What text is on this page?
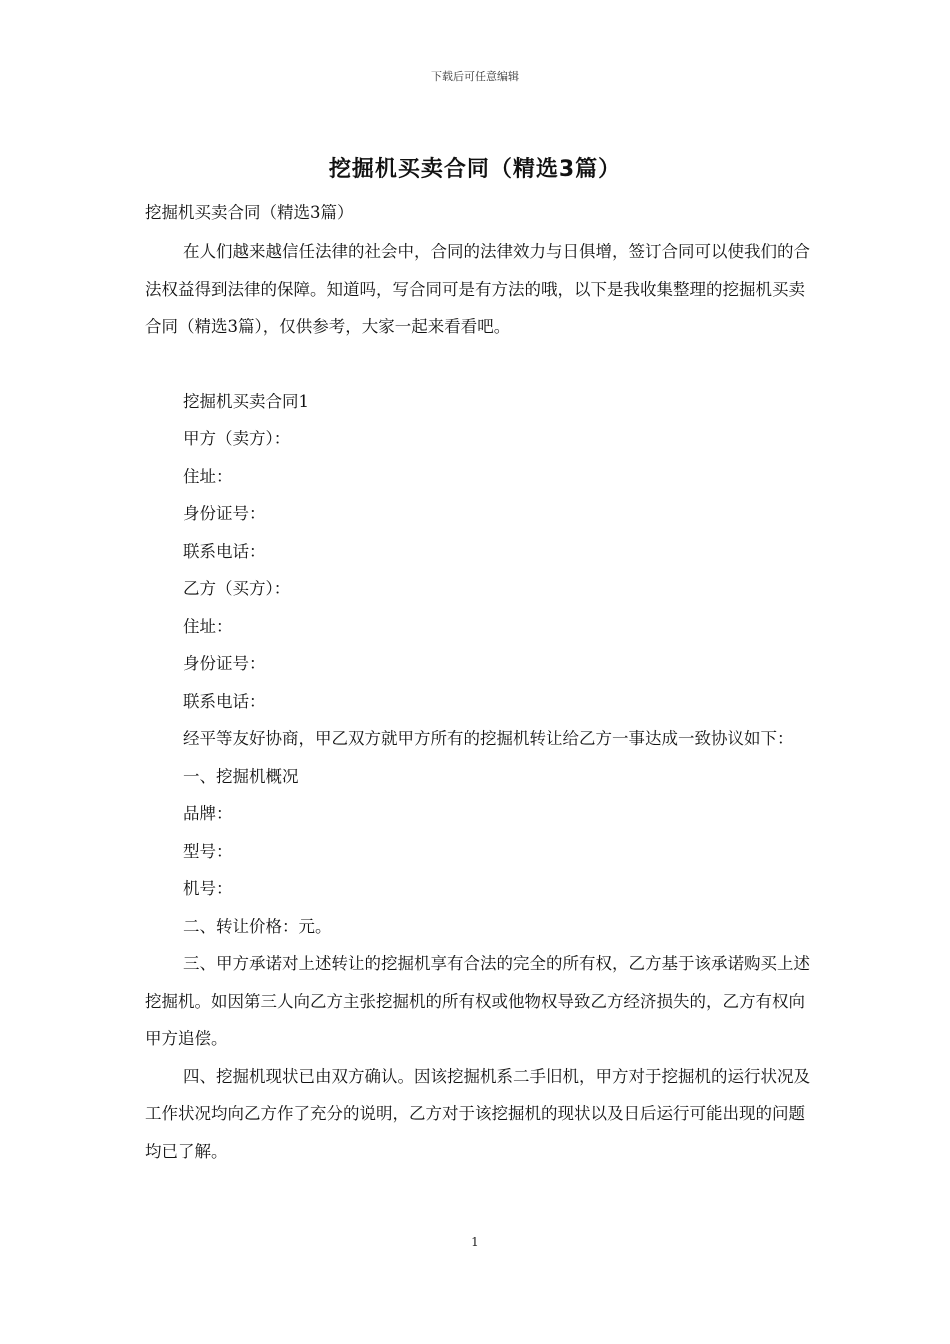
下载后可任意编辑
挖掘机买卖合同（精选3篇）

挖掘机买卖合同（精选3篇）

在人们越来越信任法律的社会中，合同的法律效力与日俱增，签订合同可以使我们的合法权益得到法律的保障。知道吗，写合同可是有方法的哦，以下是我收集整理的挖掘机买卖合同（精选3篇），仅供参考，大家一起来看看吧。

挖掘机买卖合同1

甲方（卖方）：

住址：

身份证号：

联系电话：

乙方（买方）：

住址：

身份证号：

联系电话：

经平等友好协商，甲乙双方就甲方所有的挖掘机转让给乙方一事达成一致协议如下：

一、挖掘机概况

品牌：

型号：

机号：

二、转让价格：元。

三、甲方承诺对上述转让的挖掘机享有合法的完全的所有权，乙方基于该承诺购买上述挖掘机。如因第三人向乙方主张挖掘机的所有权或他物权导致乙方经济损失的，乙方有权向甲方追偿。

四、挖掘机现状已由双方确认。因该挖掘机系二手旧机，甲方对于挖掘机的运行状况及工作状况均向乙方作了充分的说明，乙方对于该挖掘机的现状以及日后运行可能出现的问题均已了解。

1
